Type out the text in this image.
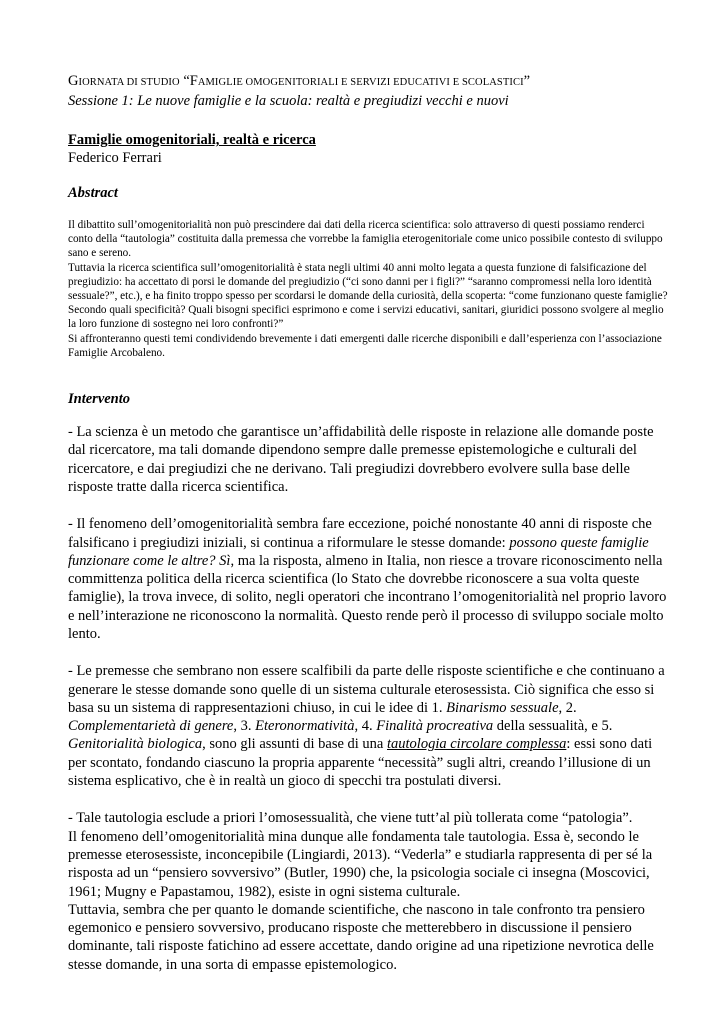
GIORNATA DI STUDIO “FAMIGLIE OMOGENITORIALI E SERVIZI EDUCATIVI E SCOLASTICI”

Sessione 1: Le nuove famiglie e la scuola: realtà e pregiudizi vecchi e nuovi

Famiglie omogenitoriali, realtà e ricerca

Federico Ferrari

Abstract

Il dibattito sull’omogenitorialità non può prescindere dai dati della ricerca scientifica: solo attraverso di questi possiamo renderci conto della “tautologia” costituita dalla premessa che vorrebbe la famiglia eterogenitoriale come unico possibile contesto di sviluppo sano e sereno.

Tuttavia la ricerca scientifica sull’omogenitorialità è stata negli ultimi 40 anni molto legata a questa funzione di falsificazione del pregiudizio: ha accettato di porsi le domande del pregiudizio (“ci sono danni per i figli?” “saranno compromessi nella loro identità sessuale?”, etc.), e ha finito troppo spesso per scordarsi le domande della curiosità, della scoperta: “come funzionano queste famiglie? Secondo quali specificità? Quali bisogni specifici esprimono e come i servizi educativi, sanitari, giuridici possono svolgere al meglio la loro funzione di sostegno nei loro confronti?”

Si affronteranno questi temi condividendo brevemente i dati emergenti dalle ricerche disponibili e dall’esperienza con l’associazione Famiglie Arcobaleno.

Intervento

- La scienza è un metodo che garantisce un’affidabilità delle risposte in relazione alle domande poste dal ricercatore, ma tali domande dipendono sempre dalle premesse epistemologiche e culturali del ricercatore, e dai pregiudizi che ne derivano. Tali pregiudizi dovrebbero evolvere sulla base delle risposte tratte dalla ricerca scientifica.

- Il fenomeno dell’omogenitorialità sembra fare eccezione, poiché nonostante 40 anni di risposte che falsificano i pregiudizi iniziali, si continua a riformulare le stesse domande: possono queste famiglie funzionare come le altre? Sì, ma la risposta, almeno in Italia, non riesce a trovare riconoscimento nella committenza politica della ricerca scientifica (lo Stato che dovrebbe riconoscere a sua volta queste famiglie), la trova invece, di solito, negli operatori che incontrano l’omogenitorialità nel proprio lavoro e nell’interazione ne riconoscono la normalità. Questo rende però il processo di sviluppo sociale molto lento.

- Le premesse che sembrano non essere scalfibili da parte delle risposte scientifiche e che continuano a generare le stesse domande sono quelle di un sistema culturale eterosessista. Ciò significa che esso si basa su un sistema di rappresentazioni chiuso, in cui le idee di 1. Binarismo sessuale, 2. Complementarietà di genere, 3. Eteronormatività, 4. Finalità procreativa della sessualità, e 5. Genitorialità biologica, sono gli assunti di base di una tautologia circolare complessa: essi sono dati per scontato, fondando ciascuno la propria apparente “necessità” sugli altri, creando l’illusione di un sistema esplicativo, che è in realtà un gioco di specchi tra postulati diversi.

- Tale tautologia esclude a priori l’omosessualità, che viene tutt’al più tollerata come “patologia”.
Il fenomeno dell’omogenitorialità mina dunque alle fondamenta tale tautologia. Essa è, secondo le premesse eterosessiste, inconcepibile (Lingiardi, 2013). “Vederla” e studiarla rappresenta di per sé la risposta ad un “pensiero sovversivo” (Butler, 1990) che, la psicologia sociale ci insegna (Moscovici, 1961; Mugny e Papastamou, 1982), esiste in ogni sistema culturale.
Tuttavia, sembra che per quanto le domande scientifiche, che nascono in tale confronto tra pensiero egemonico e pensiero sovversivo, producano risposte che metterebbero in discussione il pensiero dominante, tali risposte fatichino ad essere accettate, dando origine ad una ripetizione nevrotica delle stesse domande, in una sorta di empasse epistemologico.
